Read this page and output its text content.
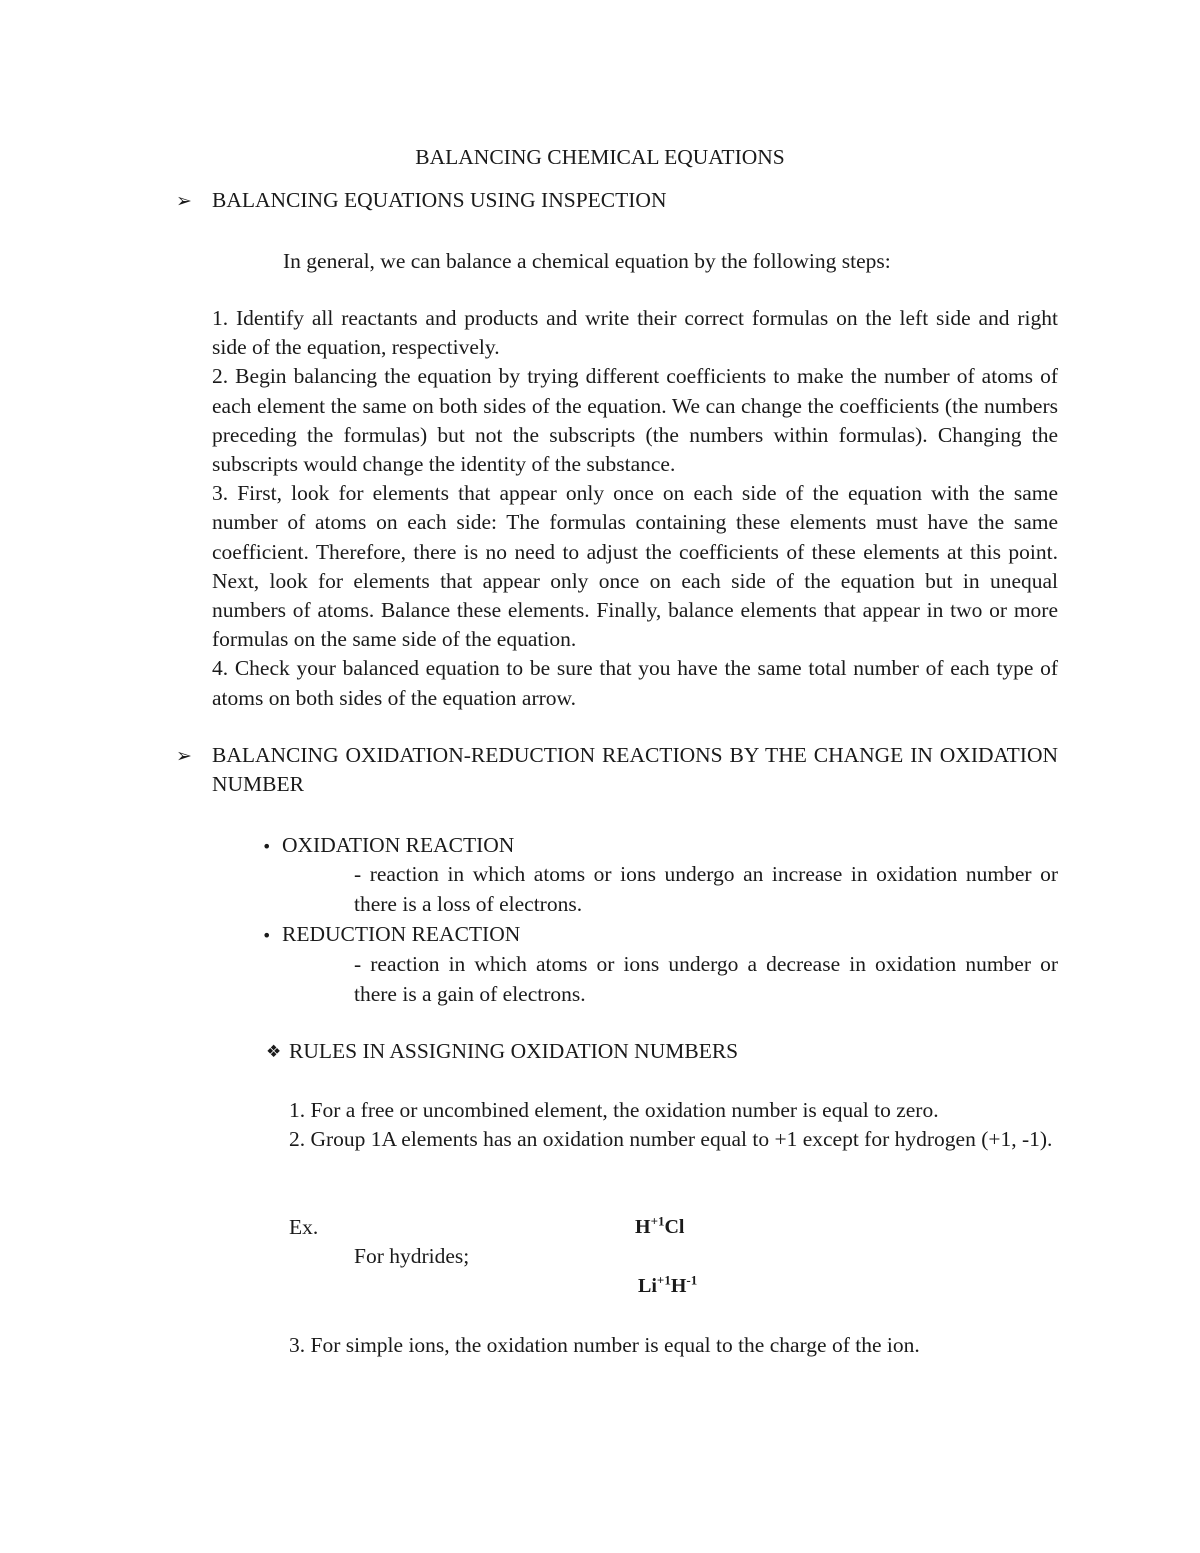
BALANCING CHEMICAL EQUATIONS
➢ BALANCING EQUATIONS USING INSPECTION
In general, we can balance a chemical equation by the following steps:

1. Identify all reactants and products and write their correct formulas on the left side and right side of the equation, respectively.

2. Begin balancing the equation by trying different coefficients to make the number of atoms of each element the same on both sides of the equation. We can change the coefficients (the numbers preceding the formulas) but not the subscripts (the numbers within formulas). Changing the subscripts would change the identity of the substance.

3. First, look for elements that appear only once on each side of the equation with the same number of atoms on each side: The formulas containing these elements must have the same coefficient. Therefore, there is no need to adjust the coefficients of these elements at this point. Next, look for elements that appear only once on each side of the equation but in unequal numbers of atoms. Balance these elements. Finally, balance elements that appear in two or more formulas on the same side of the equation.

4. Check your balanced equation to be sure that you have the same total number of each type of atoms on both sides of the equation arrow.

➢ BALANCING OXIDATION-REDUCTION REACTIONS BY THE CHANGE IN OXIDATION NUMBER

• OXIDATION REACTION

- reaction in which atoms or ions undergo an increase in oxidation number or there is a loss of electrons.

• REDUCTION REACTION

- reaction in which atoms or ions undergo a decrease in oxidation number or there is a gain of electrons.

❖ RULES IN ASSIGNING OXIDATION NUMBERS
1. For a free or uncombined element, the oxidation number is equal to zero.

2. Group 1A elements has an oxidation number equal to +1 except for hydrogen (+1, -1).

Ex.	$H^{+1}Cl$
For hydrides;
$Li^{+1}H^{-1}$
3. For simple ions, the oxidation number is equal to the charge of the ion.
